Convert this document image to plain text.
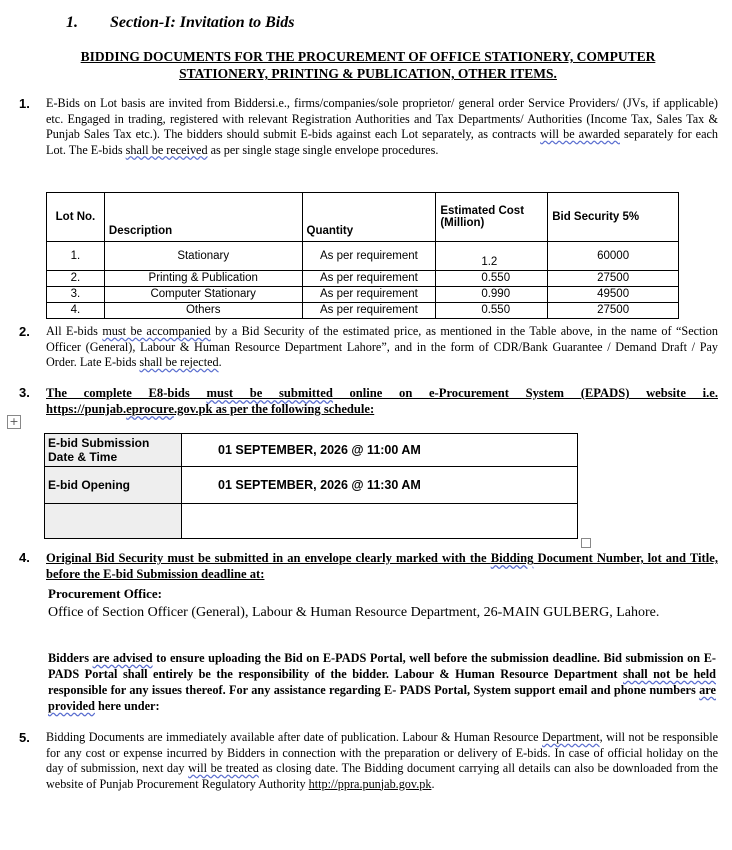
1. Section-I: Invitation to Bids
BIDDING DOCUMENTS FOR THE PROCUREMENT OF OFFICE STATIONERY, COMPUTER
STATIONERY, PRINTING & PUBLICATION, OTHER ITEMS.
1. E-Bids on Lot basis are invited from Biddersi.e., firms/companies/sole proprietor/ general order Service Providers/ (JVs, if applicable) etc. Engaged in trading, registered with relevant Registration Authorities and Tax Departments/ Authorities (Income Tax, Sales Tax & Punjab Sales Tax etc.). The bidders should submit E-bids against each Lot separately, as contracts will be awarded separately for each Lot. The E-bids shall be received as per single stage single envelope procedures.
Lot No.	Description	Quantity	Estimated Cost (Million)	Bid Security 5%
1.	Stationary	As per requirement	1.2	60000
2.	Printing & Publication	As per requirement	0.550	27500
3.	Computer Stationary	As per requirement	0.990	49500
4.	Others	As per requirement	0.550	27500
2. All E-bids must be accompanied by a Bid Security of the estimated price, as mentioned in the Table above, in the name of “Section Officer (General), Labour & Human Resource Department Lahore”, and in the form of CDR/Bank Guarantee / Demand Draft / Pay Order. Late E-bids shall be rejected.
3. The complete E8-bids must be submitted online on e-Procurement System (EPADS) website i.e. https://punjab.eprocure.gov.pk as per the following schedule:
+
E-bid Submission Date & Time	01 SEPTEMBER, 2026 @ 11:00 AM
E-bid Opening	01 SEPTEMBER, 2026 @ 11:30 AM

4. Original Bid Security must be submitted in an envelope clearly marked with the Bidding Document Number, lot and Title, before the E-bid Submission deadline at:
Procurement Office:
Office of Section Officer (General), Labour & Human Resource Department, 26-MAIN GULBERG, Lahore.
Bidders are advised to ensure uploading the Bid on E-PADS Portal, well before the submission deadline. Bid submission on E-PADS Portal shall entirely be the responsibility of the bidder. Labour & Human Resource Department shall not be held responsible for any issues thereof. For any assistance regarding E- PADS Portal, System support email and phone numbers are provided here under:
5. Bidding Documents are immediately available after date of publication. Labour & Human Resource Department, will not be responsible for any cost or expense incurred by Bidders in connection with the preparation or delivery of E-bids. In case of official holiday on the day of submission, next day will be treated as closing date. The Bidding document carrying all details can also be downloaded from the website of Punjab Procurement Regulatory Authority http://ppra.punjab.gov.pk.
